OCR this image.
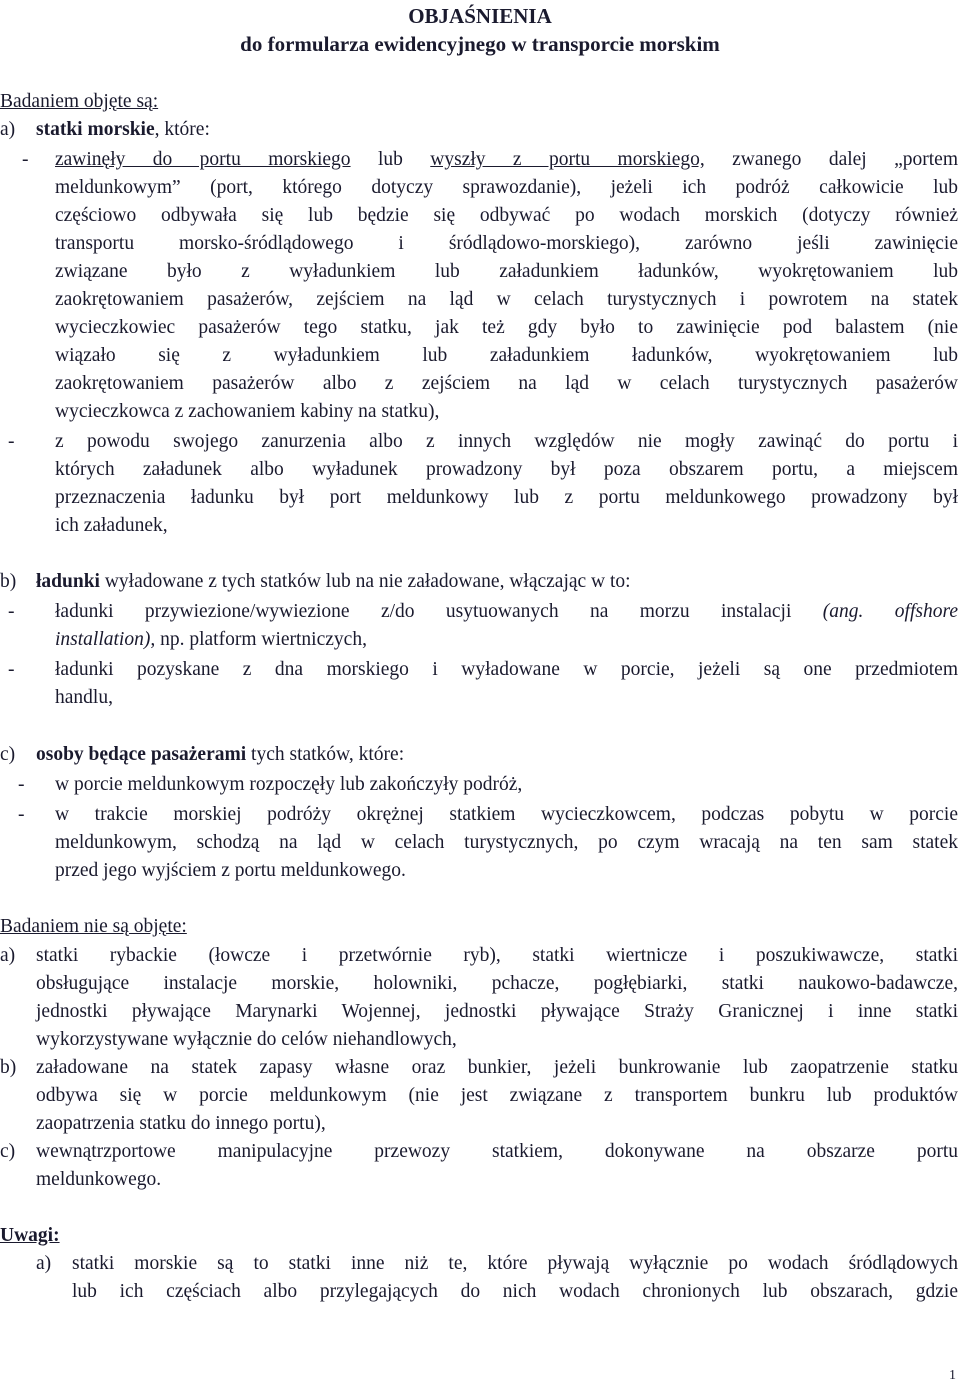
OBJAŚNIENIA
do formularza ewidencyjnego w transporcie morskim
Badaniem objęte są:
a) statki morskie, które:
- zawinęły do portu morskiego lub wyszły z portu morskiego, zwanego dalej „portem
meldunkowym” (port, którego dotyczy sprawozdanie), jeżeli ich podróż całkowicie lub
częściowo odbywała się lub będzie się odbywać po wodach morskich (dotyczy również
transportu morsko-śródlądowego i śródlądowo-morskiego), zarówno jeśli zawinięcie
związane było z wyładunkiem lub załadunkiem ładunków, wyokrętowaniem lub
zaokrętowaniem pasażerów, zejściem na ląd w celach turystycznych i powrotem na statek
wycieczkowiec pasażerów tego statku, jak też gdy było to zawinięcie pod balastem (nie
wiązało się z wyładunkiem lub załadunkiem ładunków, wyokrętowaniem lub
zaokrętowaniem pasażerów albo z zejściem na ląd w celach turystycznych pasażerów
wycieczkowca z zachowaniem kabiny na statku),
- z powodu swojego zanurzenia albo z innych względów nie mogły zawinąć do portu i
których załadunek albo wyładunek prowadzony był poza obszarem portu, a miejscem
przeznaczenia ładunku był port meldunkowy lub z portu meldunkowego prowadzony był
ich załadunek,
b) ładunki wyładowane z tych statków lub na nie załadowane, włączając w to:
- ładunki przywiezione/wywiezione z/do usytuowanych na morzu instalacji (ang. offshore
installation), np. platform wiertniczych,
- ładunki pozyskane z dna morskiego i wyładowane w porcie, jeżeli są one przedmiotem
handlu,
c) osoby będące pasażerami tych statków, które:
- w porcie meldunkowym rozpoczęły lub zakończyły podróż,
- w trakcie morskiej podróży okrężnej statkiem wycieczkowcem, podczas pobytu w porcie
meldunkowym, schodzą na ląd w celach turystycznych, po czym wracają na ten sam statek
przed jego wyjściem z portu meldunkowego.
Badaniem nie są objęte:
a) statki rybackie (łowcze i przetwórnie ryb), statki wiertnicze i poszukiwawcze, statki
obsługujące instalacje morskie, holowniki, pchacze, pogłębiarki, statki naukowo-badawcze,
jednostki pływające Marynarki Wojennej, jednostki pływające Straży Granicznej i inne statki
wykorzystywane wyłącznie do celów niehandlowych,
b) załadowane na statek zapasy własne oraz bunkier, jeżeli bunkrowanie lub zaopatrzenie statku
odbywa się w porcie meldunkowym (nie jest związane z transportem bunkru lub produktów
zaopatrzenia statku do innego portu),
c) wewnątrzportowe manipulacyjne przewozy statkiem, dokonywane na obszarze portu
meldunkowego.
Uwagi:
a) statki morskie są to statki inne niż te, które pływają wyłącznie po wodach śródlądowych
lub ich częściach albo przylegających do nich wodach chronionych lub obszarach, gdzie
1
